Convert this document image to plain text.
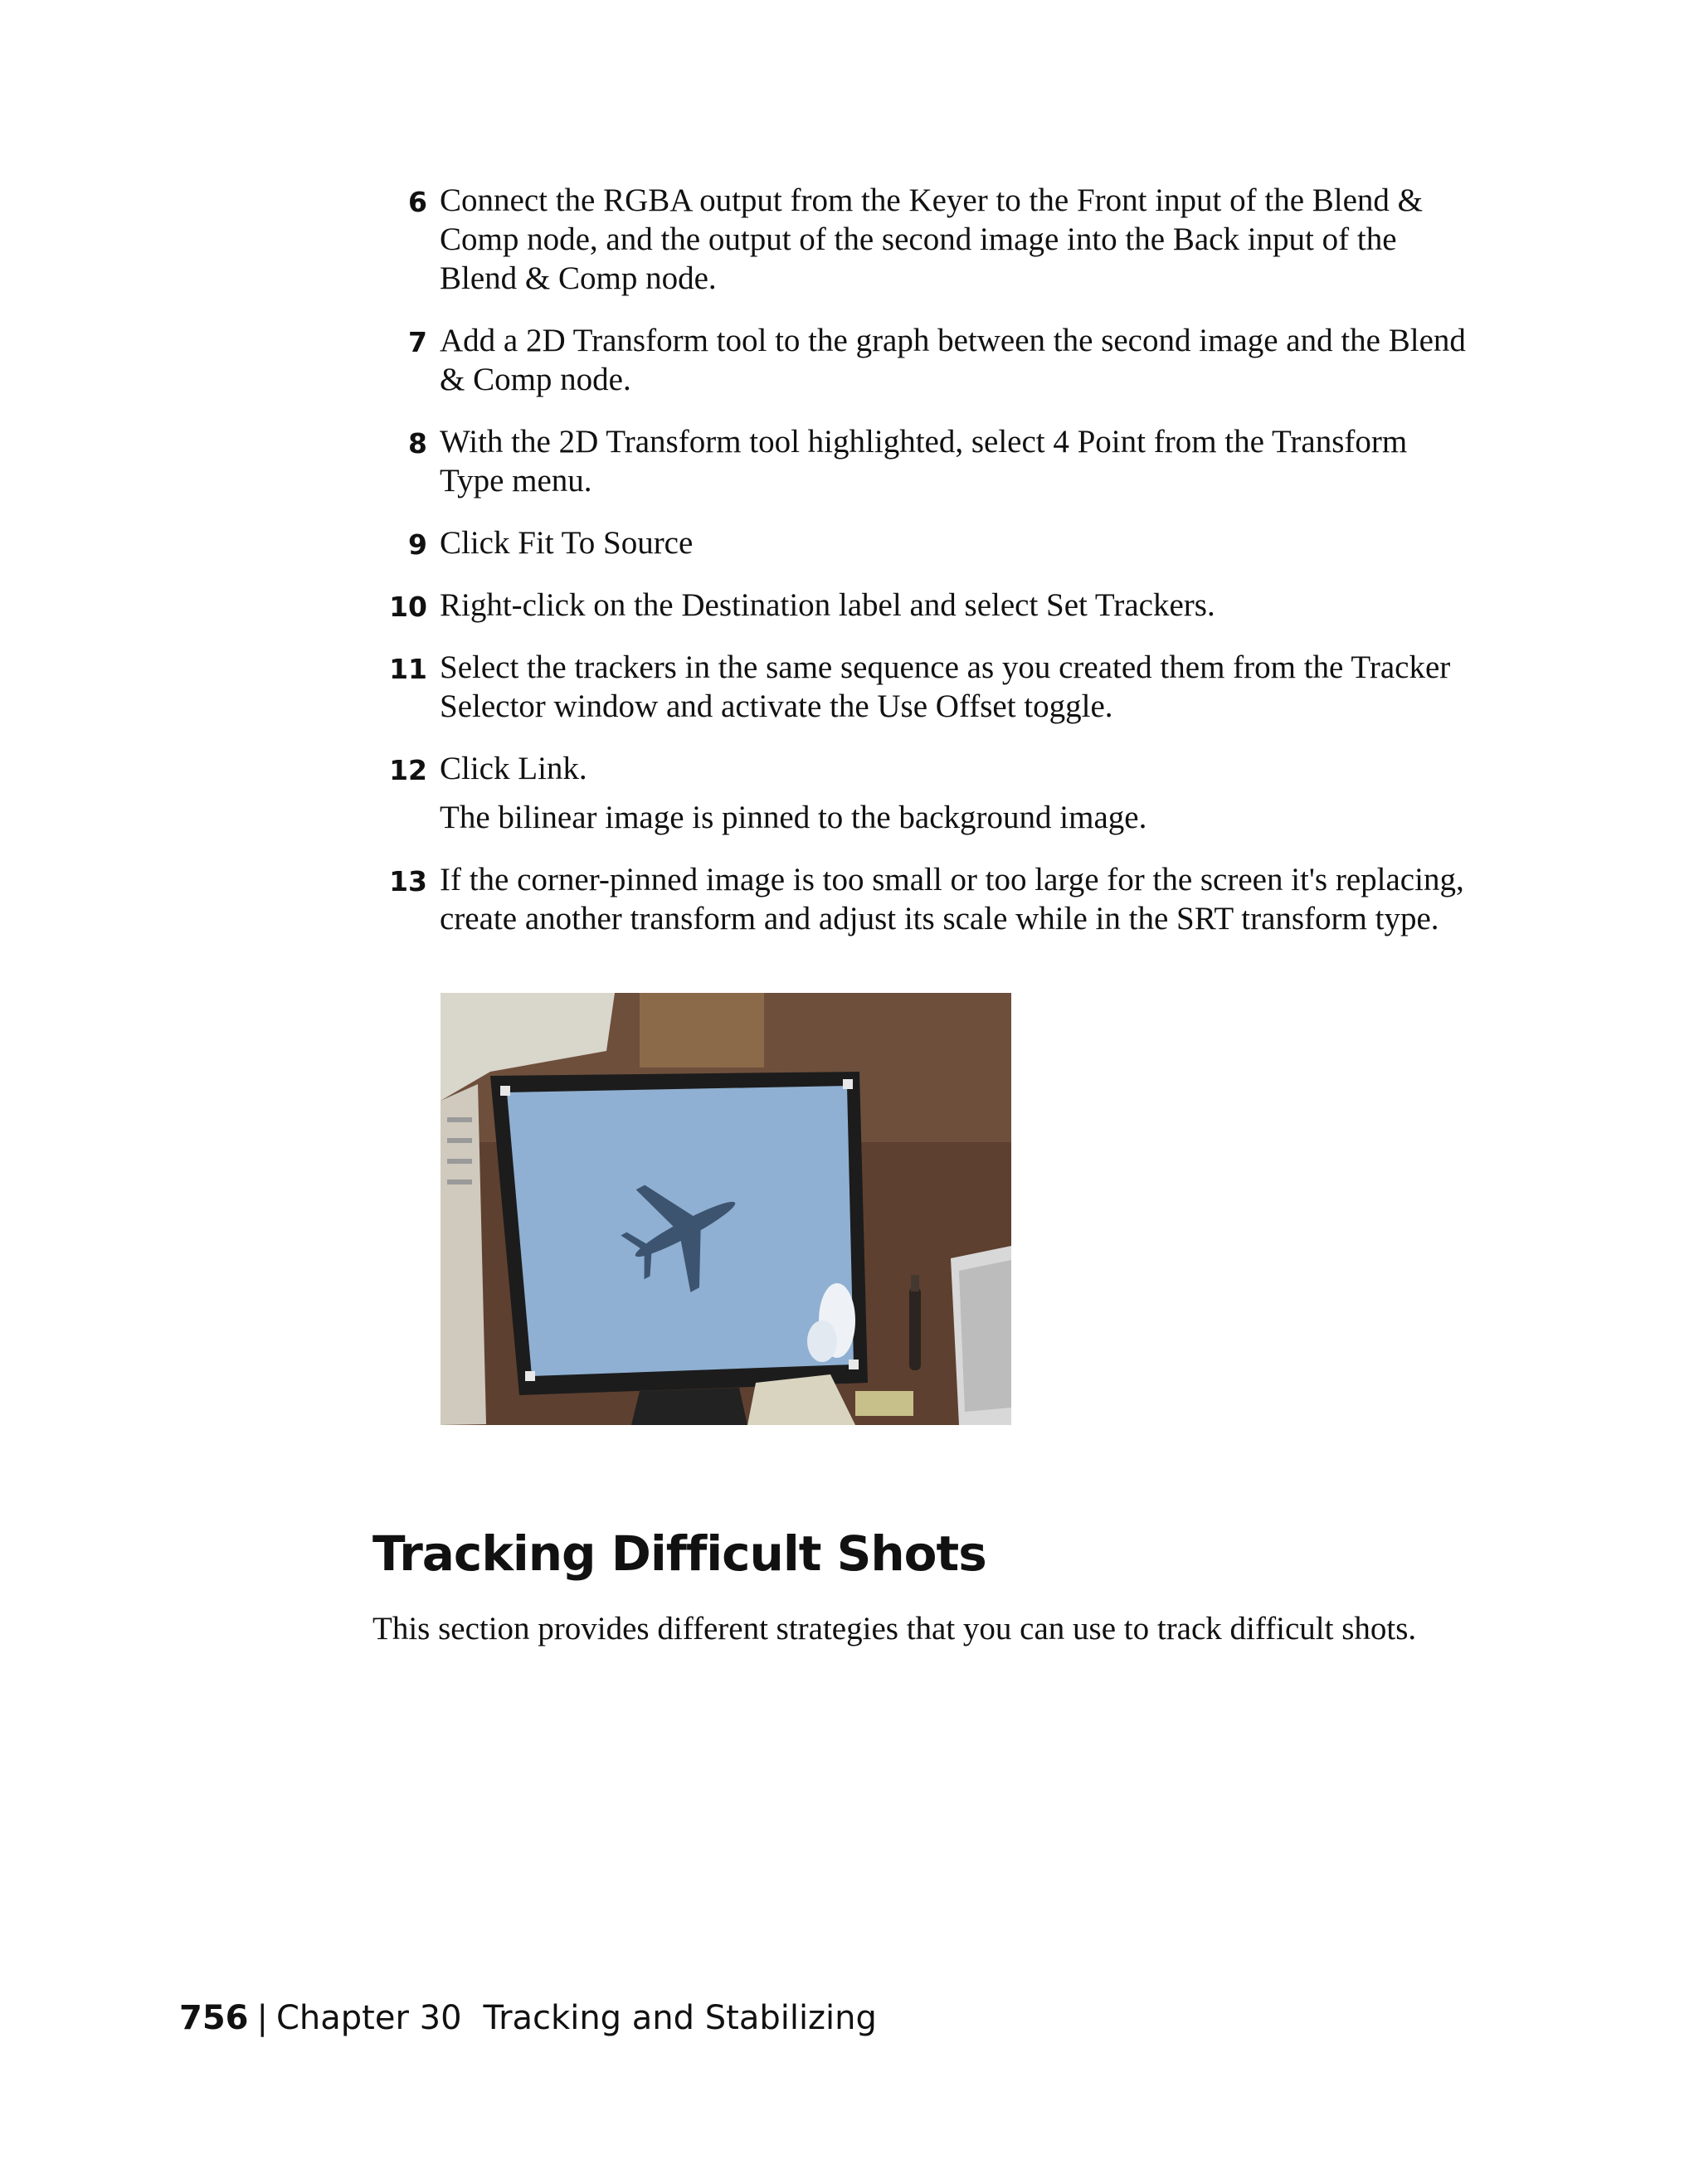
6 Connect the RGBA output from the Keyer to the Front input of the Blend & Comp node, and the output of the second image into the Back input of the Blend & Comp node.

7 Add a 2D Transform tool to the graph between the second image and the Blend & Comp node.

8 With the 2D Transform tool highlighted, select 4 Point from the Transform Type menu.

9 Click Fit To Source

10 Right-click on the Destination label and select Set Trackers.

11 Select the trackers in the same sequence as you created them from the Tracker Selector window and activate the Use Offset toggle.

12 Click Link.

The bilinear image is pinned to the background image.

13 If the corner-pinned image is too small or too large for the screen it's replacing, create another transform and adjust its scale while in the SRT transform type.

Tracking Difficult Shots

This section provides different strategies that you can use to track difficult shots.

756 | Chapter 30 Tracking and Stabilizing
